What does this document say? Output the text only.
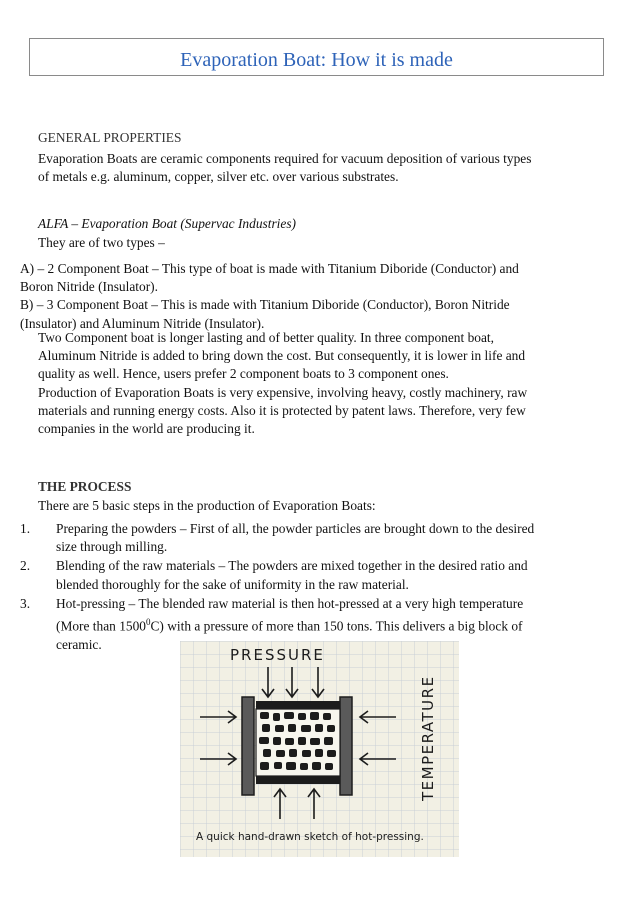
Evaporation Boat: How it is made
GENERAL PROPERTIES
Evaporation Boats are ceramic components required for vacuum deposition of various types
of metals e.g. aluminum, copper, silver etc. over various substrates.
ALFA – Evaporation Boat (Supervac Industries)
They are of two types –
A) – 2 Component Boat – This type of boat is made with Titanium Diboride (Conductor) and
Boron Nitride (Insulator).
B) – 3 Component Boat – This is made with Titanium Diboride (Conductor), Boron Nitride
(Insulator) and Aluminum Nitride (Insulator).
Two Component boat is longer lasting and of better quality. In three component boat,
Aluminum Nitride is added to bring down the cost. But consequently, it is lower in life and
quality as well. Hence, users prefer 2 component boats to 3 component ones.
Production of Evaporation Boats is very expensive, involving heavy, costly machinery, raw
materials and running energy costs. Also it is protected by patent laws. Therefore, very few
companies in the world are producing it.
THE PROCESS
There are 5 basic steps in the production of Evaporation Boats:
1. Preparing the powders – First of all, the powder particles are brought down to the desired
size through milling.
2. Blending of the raw materials – The powders are mixed together in the desired ratio and
blended thoroughly for the sake of uniformity in the raw material.
3. Hot-pressing – The blended raw material is then hot-pressed at a very high temperature
(More than 1500$^0$C) with a pressure of more than 150 tons. This delivers a big block of
ceramic.
PRESSURE
TEMPERATURE
A quick hand-drawn sketch of hot-pressing.
